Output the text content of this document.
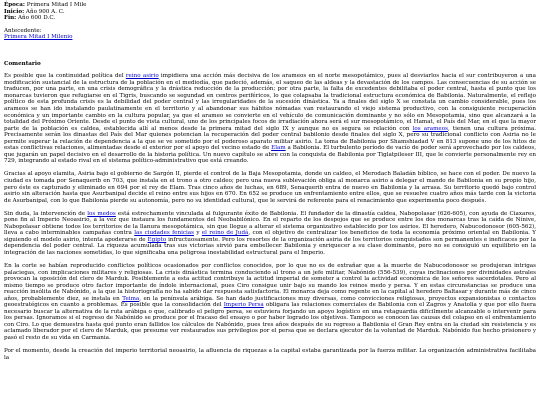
Época: Primera Mitad I Mile
Inicio: Año 900 A. C.
Fin: Año 600 D.C.
Antecedente:
Primera Mitad I Milenio
Comentario

Es posible que la continuidad política del reino asirio impidiera una acción más decisiva de los arameos en el norte mesopotámico, pues al desviarlos hacia el sur contribuyeron a una modificación sustancial de la estructura de la población en el mediodía, que padeció, además, el saqueo de las aldeas y la devastación de los campos. Las consecuencias de su acción se traducen, por una parte, en una crisis demográfica y la drástica reducción de la producción; por otra parte, la falta de excedentes debilitaba el poder central, hasta el punto que los monarcas tuvieron que refugiarse en el Tigris, buscando se segundad en centros periféricos, lo que colapsaba la tradicional estructura económica de Babilonia. Naturalmente, el reflejo político de esta profunda crisis es la debilidad del poder central y las irregularidades de la sucesión dinástica. Ya a finales del siglo X se constata un cambio considerable, pues los arameos se han ido instalando paulatinamente en el territorio y al abandonar sus hábitos nómadas van restaurando el viejo sistema productivo, con la consiguiente recuperación económica y un importante cambio en la cultura popular, ya que el arameo se convierte en el vehículo de comunicación dominante y no sólo en Mesopotamia, sino que alcanzará a la totalidad del Próximo Oriente. Desde el punto de vista cultural, uno de los principales focos de irradiación ahora será el sur mesopotámico, el Hamat, el País del Mar, en el que la mayor parte de la población es caldea, establecida allí al menos desde la primera mitad del siglo IX y aunque no es segura se relación con los arameos, tienen una cultura próxima. Precisamente serán los dinastas del País del Mar quienes potencian la recuperación del poder central babilonio desde finales del siglo X, pero su tradicional conflicto con Asiria no le permite superar la relación de dependencia a la que se ve sometido por el poderoso aparato militar asirio. La toma de Babilonia por Shamshiadad V en 813 supone uno de los hitos de estas conflictivas relaciones, alimentadas desde el exterior por el apoyo del vecino estado de Elam a Babilonia. El turbulento período de vacío de poder será aprovechado por los caldeos, que jugarán un papel decisivo en el desarrollo de la historia política. Un nuevo capítulo se abre con la conquista de Babilonia por Tiglatpileser III, que le convierte personalmente rey en 729, integrando al estado rival en el sistema político-administrativo que está creando.

Gracias al apoyo elamita, Asiria bajo el gobierno de Sargón II, pierde el control de la Baja Mesopotamia, donde un caldeo, el Merodach Baladán bíblico, se hace con el poder. De nuevo la ciudad es tomada por Senaquerib en 703, que instala en el trono a otro caldeo; pero una nueva sublevación obliga al monarca asirio a delegar el mando de Babilonia en su propio hijo, pero éste es capturado y eliminado en 694 por el rey de Elam. Tras cinco años de luchas, en 689, Senaquerib entra de nuevo en Babilonia y la arrasa. Su territorio quedó bajo control asirio sin alteración hasta que Asurbanipal decide el reino entre sus hijos en 670. En 652 se produce un enfrentamiento entre ellos, que se resuelve cuatro años más tarde con la victoria de Asurbanipal, con lo que Babilonia pierde su autonomía, pero no su identidad cultural, que le servirá de referente para el renacimiento que experimenta poco después.

Sin duda, la intervención de los medos está estrechamente vinculada al fulgurante éxito de Babilonia. El fundador de la dinastía caldea, Nabopolasar (626-605), con ayuda de Ciaxares, pone fin al Imperio Neoasirio, a la vez que instaura los fundamentos del Neobabilónico. En el reparto de los despojos que se produce entre los dos monarcas tras la caída de Nínive, Nabopolasar obtiene todos los territorios de la llanura mesopotámica, sin que llegue a alterar el sistema organizativo establecido por los asirios. El heredero, Nabucodonosor (605-562), lleva a cabo interminables campañas contra las ciudades fenicias y el reino de Judá, con el objetivo de centralizar los beneficios de toda la economía próximo oriental en Babilonia. Y siguiendo el modelo asirio, intenta apoderarse de Egipto infructuosamente. Pero los resortes de la organización asiria de los territorios conquistados son permanentes e ineficaces por la dependencia del poder central. La riqueza acumulada tras sus victorias sirvió para embellecer Babilonia y enriquecer a su clase dominante, pero no se consiguió un equilibrio en la integración de las naciones sometidas, lo que significaba una peligrosa inestabilidad estructural para el Imperio.

En la corte se habían reproducido conflictos políticos ocasionados por conflictos conocidos, por lo que no es de extrañar que a la muerte de Nabucodonosor se produjeran intrigas palaciegas, con implicaciones militares y religiosas. La crisis dinástica termina conduciendo al trono a un jefe militar, Nabónido (556-539), cuyas inclinaciones por divinidades astrales provocan la oposición del clero de Marduk. Posiblemente a esta actitud contribuye la actitud imperial de someter a control la actividad económica de los señores sacerdotales. Pero al mismo tiempo se produce otro factor importante de índole internacional, pues Ciro consigue unir bajo su mando los reinos medo y persa. Y en estas circunstancias se produce una reacción insólita de Nabónido, a la que la historiografía no ha sabido dar respuesta satisfactoria. El monarca deja como regente en la capital al heredero Baltasar y durante más de cinco años, probablemente diez, se instala en Teima, en la península arábiga. Se han dado justificaciones muy diversas, como convicciones religiosas, proyectos expansionistas o contactos geoestratégicos en cuanto a problemas. Es posible que la consolidación del Imperio Persa obligara las relaciones comerciales de Babilonia con el Zagros y Anatolia y que por ello fuera necesario buscar la alternativa de la ruta arábiga o que, calibrado el peligro persa, se estuviera forjando un apoyo logístico en una retaguardia difícilmente alcanzable o intervenir para los persas. Ignoramos si el regreso de Nabónido se produce por el fracaso del ensayo o por haber logrado los objetivos. Tampoco se conocen las causas del colapso en el enfrentamiento con Ciro. Lo que demuestra hasta qué punto eran fallidos los cálculos de Nabónido, pues tres años después de su regreso a Babilonia el Gran Rey entra en la ciudad sin resistencia y es aclamado liberador por el clero de Marduk, que presume ver restaurados sus privilegios por el persa que se declara ejecutor de la voluntad de Marduk. Nabónido fue hecho prisionero y pasó el resto de su vida en Carmania.

Por el momento, desde la creación del imperio territorial neoasirio, la afluencia de riquezas a la capital estaba garantizada por la fuerza militar. La organización administrativa facilitaba la
